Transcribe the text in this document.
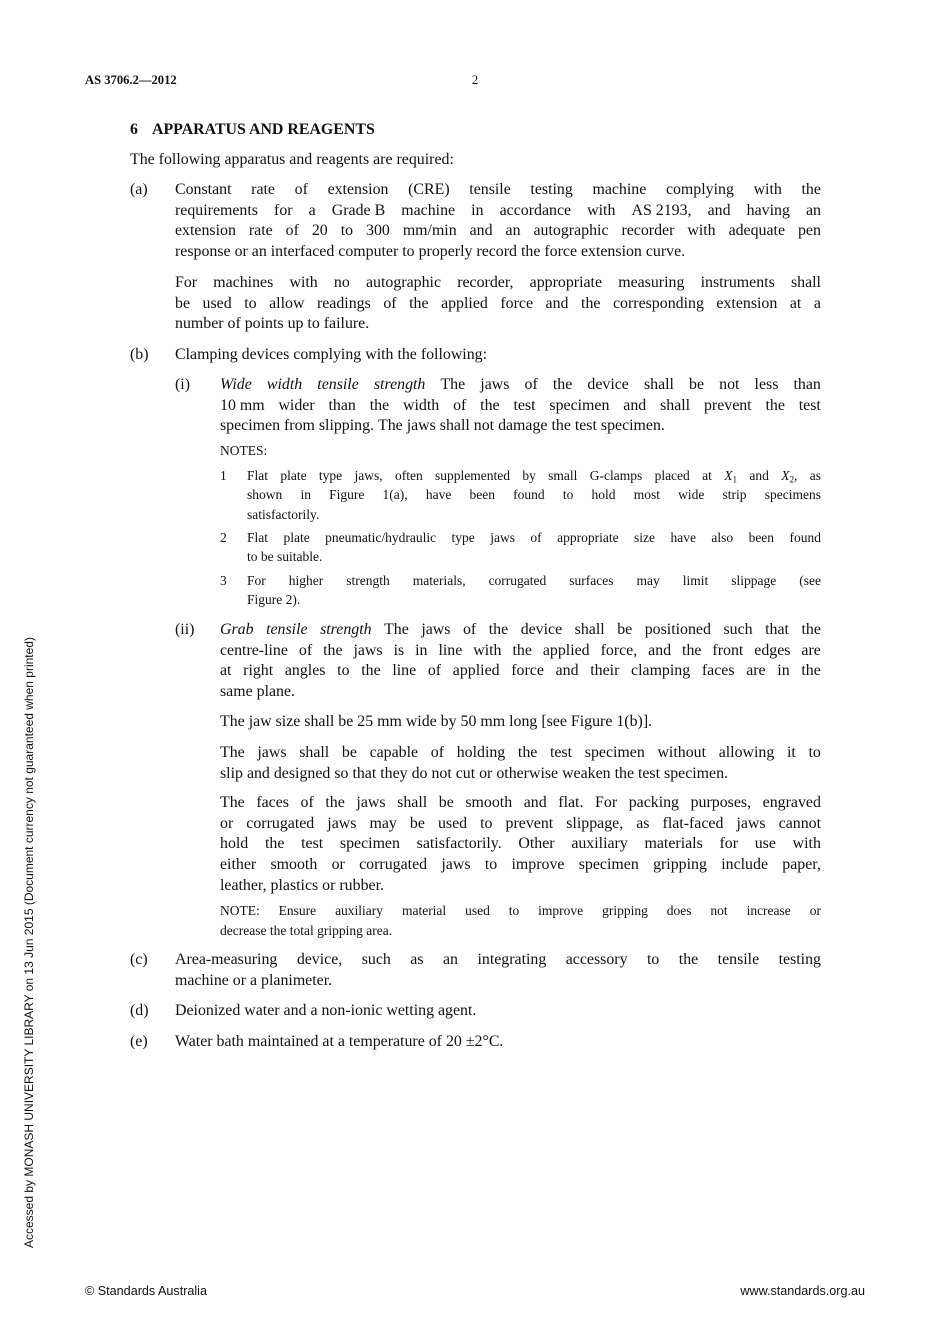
AS 3706.2—2012	2
6 APPARATUS AND REAGENTS
The following apparatus and reagents are required:
(a) Constant rate of extension (CRE) tensile testing machine complying with the
requirements for a Grade B machine in accordance with AS 2193, and having an
extension rate of 20 to 300 mm/min and an autographic recorder with adequate pen
response or an interfaced computer to properly record the force extension curve.
For machines with no autographic recorder, appropriate measuring instruments shall
be used to allow readings of the applied force and the corresponding extension at a
number of points up to failure.
(b) Clamping devices complying with the following:
(i) Wide width tensile strength The jaws of the device shall be not less than
10 mm wider than the width of the test specimen and shall prevent the test
specimen from slipping. The jaws shall not damage the test specimen.
NOTES:
1 Flat plate type jaws, often supplemented by small G-clamps placed at $X_1$ and $X_2$, as
shown in Figure 1(a), have been found to hold most wide strip specimens
satisfactorily.
2 Flat plate pneumatic/hydraulic type jaws of appropriate size have also been found
to be suitable.
3 For higher strength materials, corrugated surfaces may limit slippage (see
Figure 2).
(ii) Grab tensile strength The jaws of the device shall be positioned such that the
centre-line of the jaws is in line with the applied force, and the front edges are
at right angles to the line of applied force and their clamping faces are in the
same plane.
The jaw size shall be 25 mm wide by 50 mm long [see Figure 1(b)].
The jaws shall be capable of holding the test specimen without allowing it to
slip and designed so that they do not cut or otherwise weaken the test specimen.
The faces of the jaws shall be smooth and flat. For packing purposes, engraved
or corrugated jaws may be used to prevent slippage, as flat-faced jaws cannot
hold the test specimen satisfactorily. Other auxiliary materials for use with
either smooth or corrugated jaws to improve specimen gripping include paper,
leather, plastics or rubber.
NOTE: Ensure auxiliary material used to improve gripping does not increase or
decrease the total gripping area.
(c) Area-measuring device, such as an integrating accessory to the tensile testing
machine or a planimeter.
(d) Deionized water and a non-ionic wetting agent.
(e) Water bath maintained at a temperature of 20 ±2°C.
Accessed by MONASH UNIVERSITY LIBRARY on 13 Jun 2015 (Document currency not guaranteed when printed)
© Standards Australia	www.standards.org.au
